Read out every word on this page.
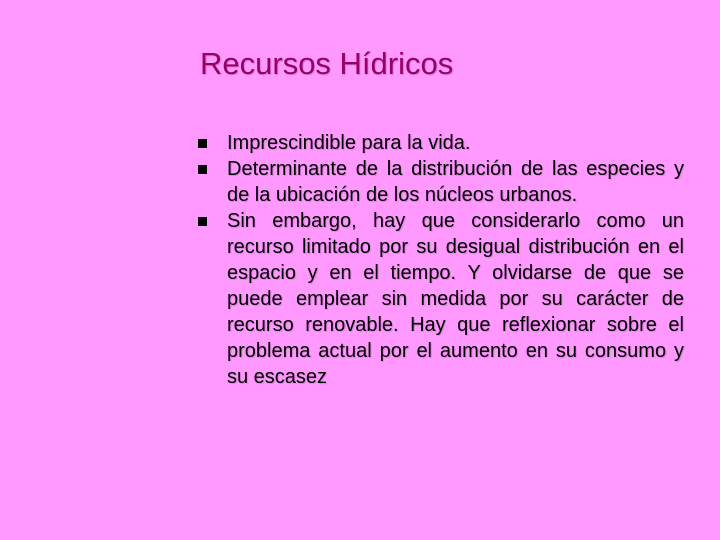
Recursos Hídricos
Imprescindible para la vida.
Determinante de la distribución de las especies y de la ubicación de los núcleos urbanos.
Sin embargo, hay que considerarlo como un recurso limitado por su desigual distribución en el espacio y en el tiempo. Y olvidarse de que se puede emplear sin medida por su carácter de recurso renovable. Hay que reflexionar sobre el problema actual por el aumento en su consumo y su escasez
